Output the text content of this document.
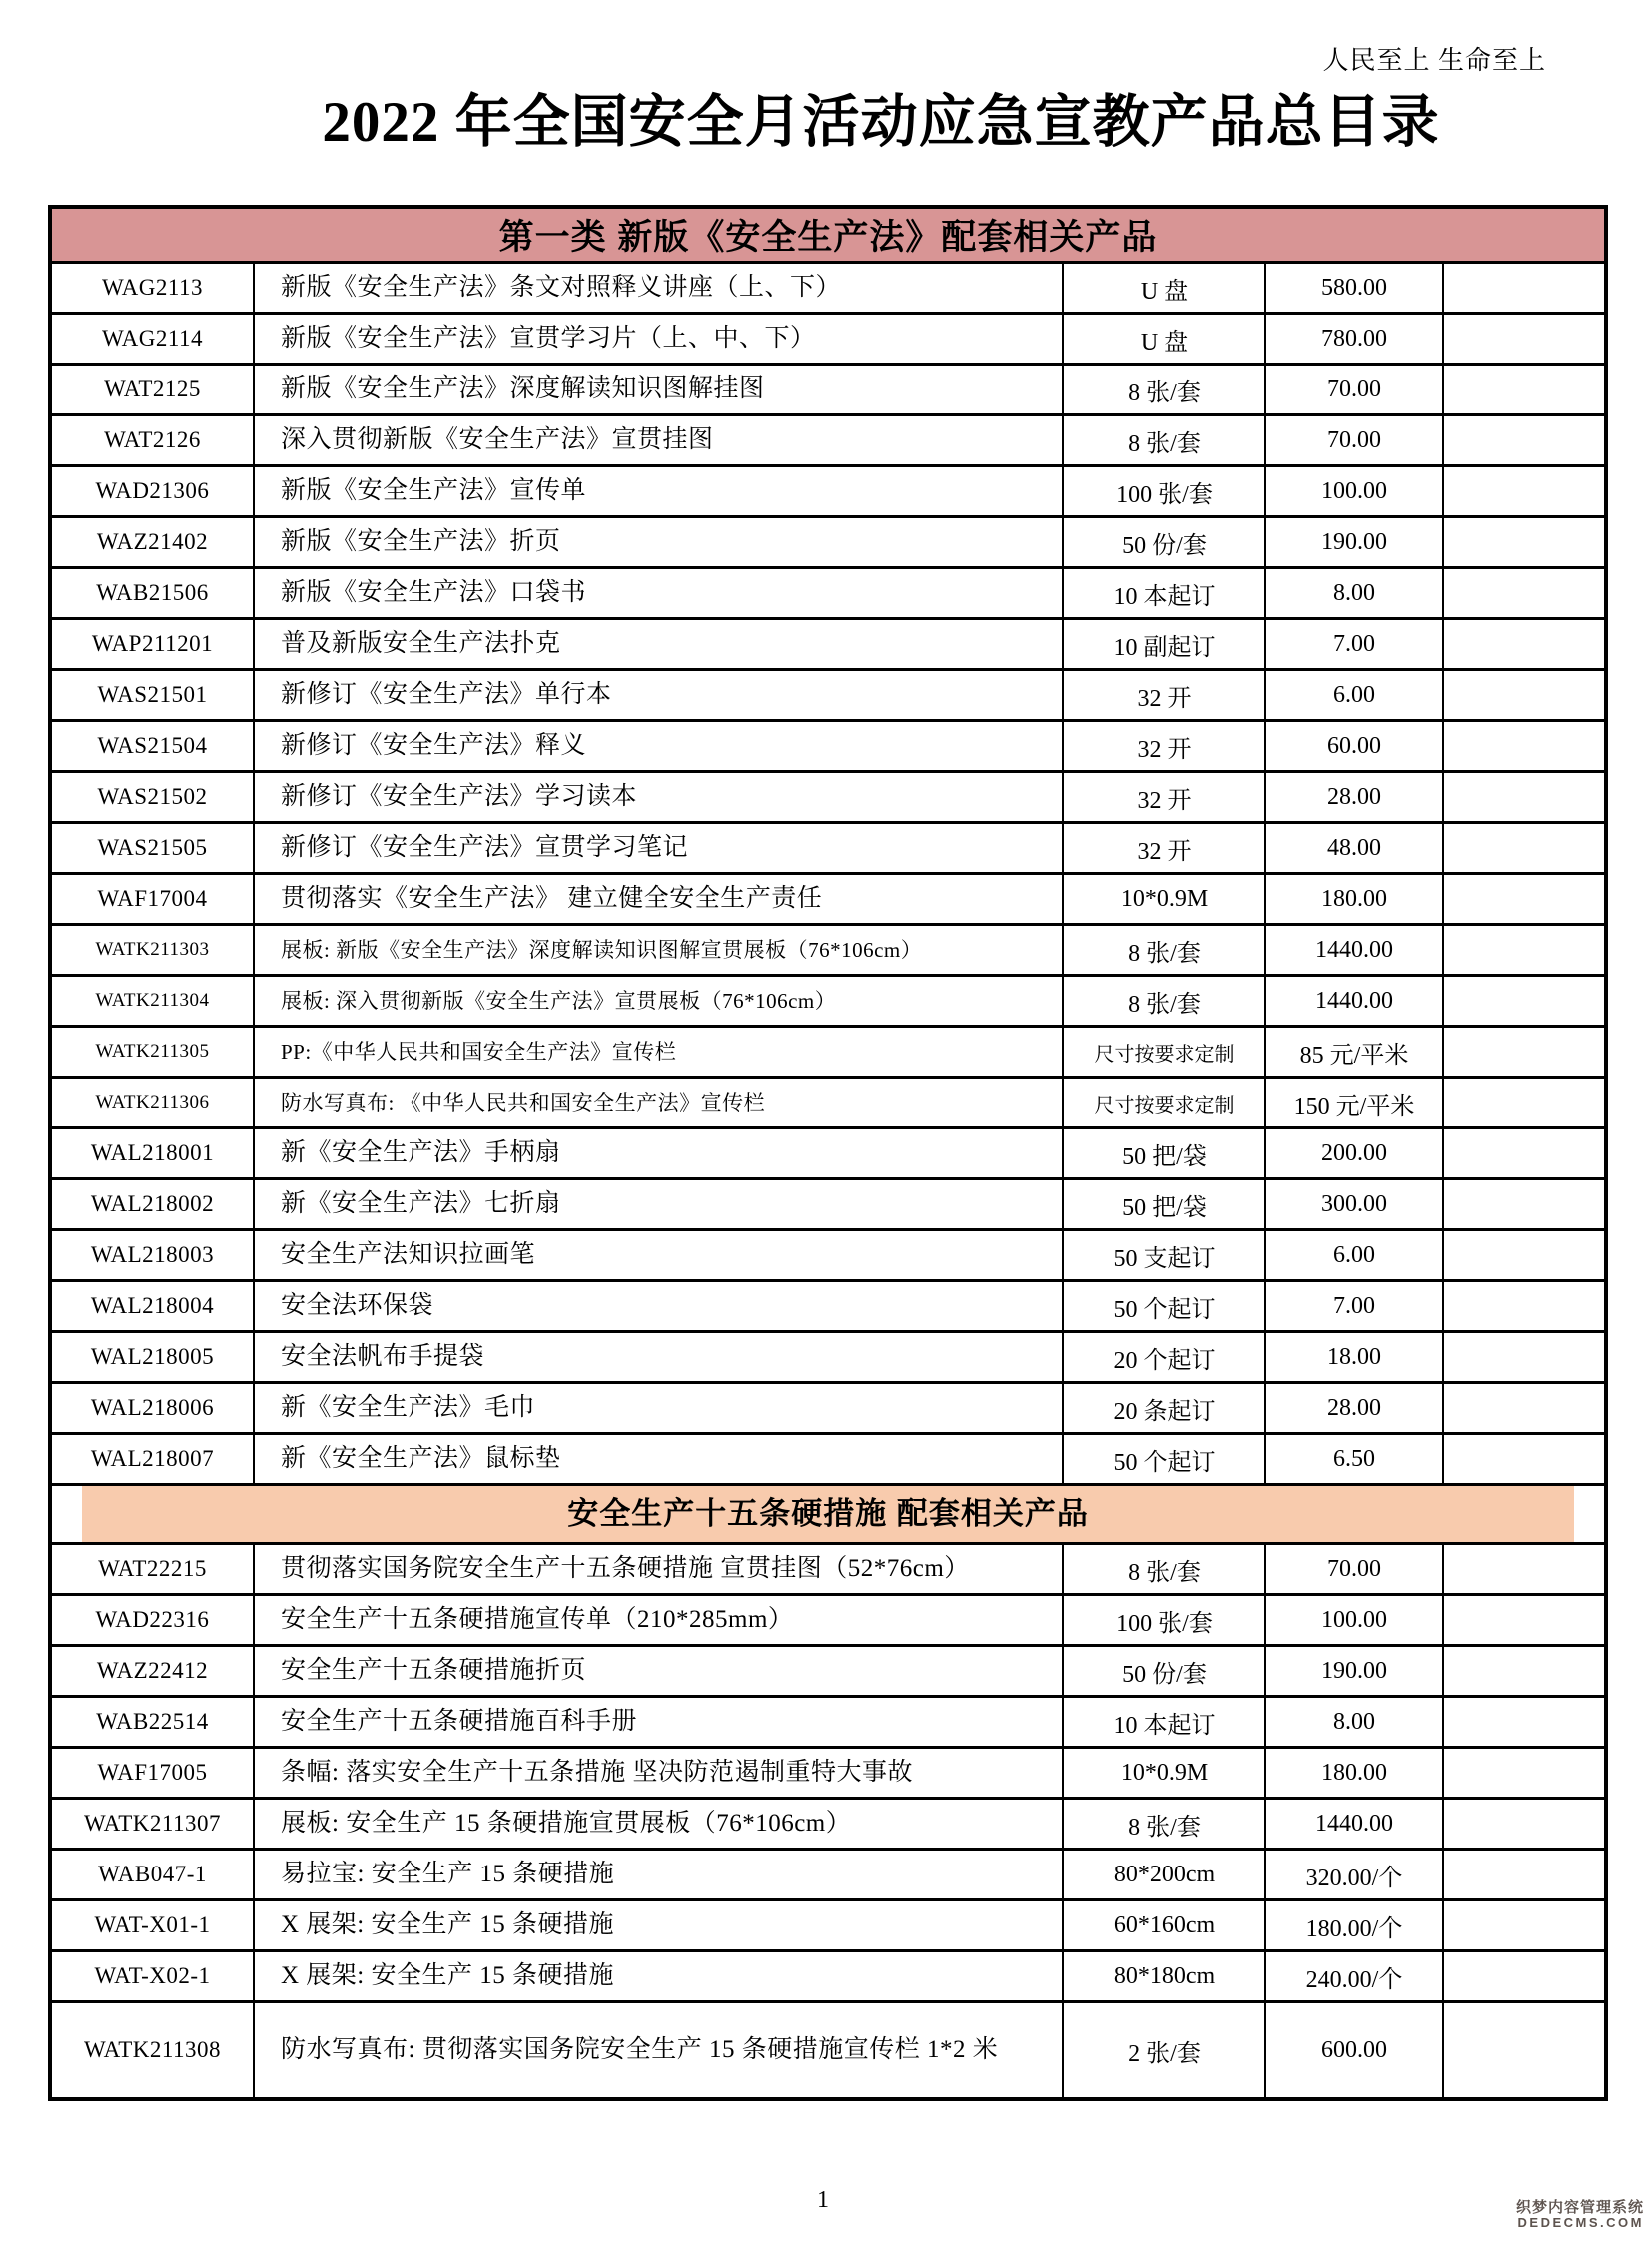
人民至上 生命至上
2022 年全国安全月活动应急宣教产品总目录
第一类 新版《安全生产法》配套相关产品				
WAG2113	新版《安全生产法》条文对照释义讲座（上、下）	U 盘	580.00	
WAG2114	新版《安全生产法》宣贯学习片（上、中、下）	U 盘	780.00	
WAT2125	新版《安全生产法》深度解读知识图解挂图	8 张/套	70.00	
WAT2126	深入贯彻新版《安全生产法》宣贯挂图	8 张/套	70.00	
WAD21306	新版《安全生产法》宣传单	100 张/套	100.00	
WAZ21402	新版《安全生产法》折页	50 份/套	190.00	
WAB21506	新版《安全生产法》口袋书	10 本起订	8.00	
WAP211201	普及新版安全生产法扑克	10 副起订	7.00	
WAS21501	新修订《安全生产法》单行本	32 开	6.00	
WAS21504	新修订《安全生产法》释义	32 开	60.00	
WAS21502	新修订《安全生产法》学习读本	32 开	28.00	
WAS21505	新修订《安全生产法》宣贯学习笔记	32 开	48.00	
WAF17004	贯彻落实《安全生产法》 建立健全安全生产责任	10*0.9M	180.00	
WATK211303	展板: 新版《安全生产法》深度解读知识图解宣贯展板（76*106cm）	8 张/套	1440.00	
WATK211304	展板: 深入贯彻新版《安全生产法》宣贯展板（76*106cm）	8 张/套	1440.00	
WATK211305	PP:《中华人民共和国安全生产法》宣传栏	尺寸按要求定制	85 元/平米	
WATK211306	防水写真布: 《中华人民共和国安全生产法》宣传栏	尺寸按要求定制	150 元/平米	
WAL218001	新《安全生产法》手柄扇	50 把/袋	200.00	
WAL218002	新《安全生产法》七折扇	50 把/袋	300.00	
WAL218003	安全生产法知识拉画笔	50 支起订	6.00	
WAL218004	安全法环保袋	50 个起订	7.00	
WAL218005	安全法帆布手提袋	20 个起订	18.00	
WAL218006	新《安全生产法》毛巾	20 条起订	28.00	
WAL218007	新《安全生产法》鼠标垫	50 个起订	6.50	

安全生产十五条硬措施 配套相关产品				

WAT22215	贯彻落实国务院安全生产十五条硬措施 宣贯挂图（52*76cm）	8 张/套	70.00	
WAD22316	安全生产十五条硬措施宣传单（210*285mm）	100 张/套	100.00	
WAZ22412	安全生产十五条硬措施折页	50 份/套	190.00	
WAB22514	安全生产十五条硬措施百科手册	10 本起订	8.00	
WAF17005	条幅: 落实安全生产十五条措施 坚决防范遏制重特大事故	10*0.9M	180.00	
WATK211307	展板: 安全生产 15 条硬措施宣贯展板（76*106cm）	8 张/套	1440.00	
WAB047-1	易拉宝: 安全生产 15 条硬措施	80*200cm	320.00/个	
WAT-X01-1	X 展架: 安全生产 15 条硬措施	60*160cm	180.00/个	
WAT-X02-1	X 展架: 安全生产 15 条硬措施	80*180cm	240.00/个	
WATK211308	防水写真布: 贯彻落实国务院安全生产 15 条硬措施宣传栏 1*2 米	2 张/套	600.00	
1	织梦内容管理系统
DEDECMS.COM
